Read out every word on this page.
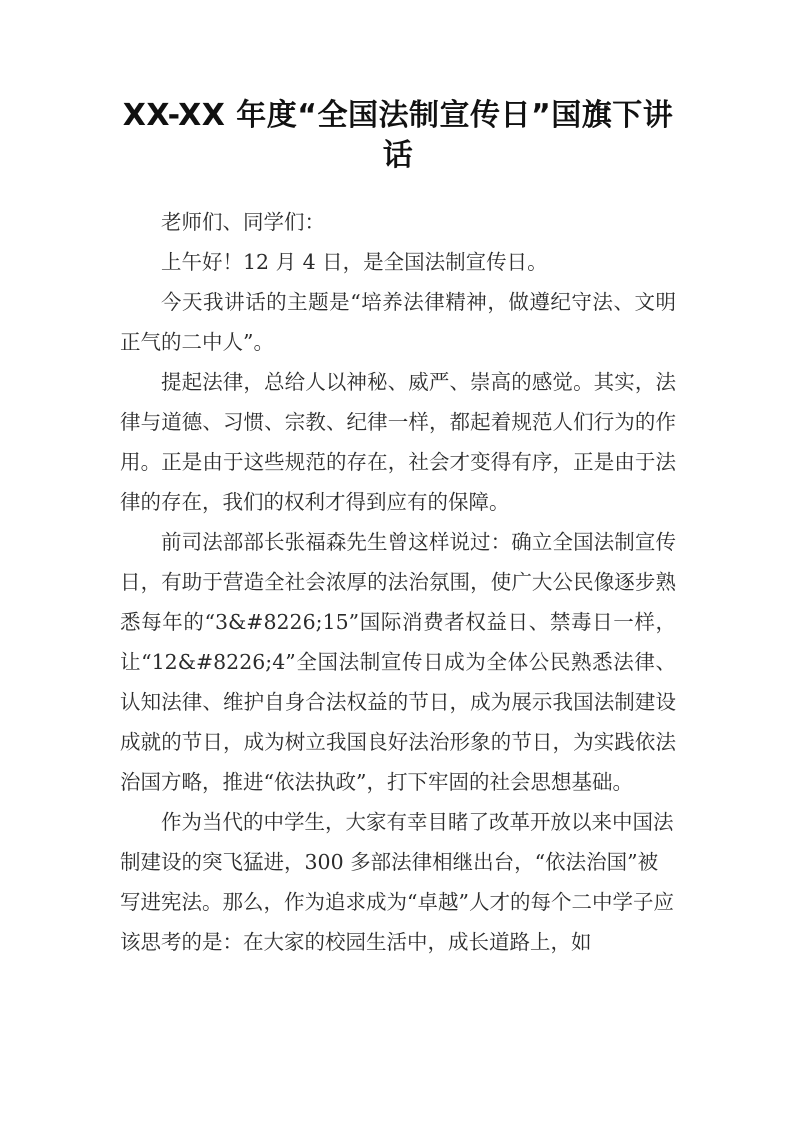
XX-XX 年度“全国法制宣传日”国旗下讲话

老师们、同学们：

上午好！12 月 4 日，是全国法制宣传日。

今天我讲话的主题是“培养法律精神，做遵纪守法、文明正气的二中人”。

提起法律，总给人以神秘、威严、崇高的感觉。其实，法律与道德、习惯、宗教、纪律一样，都起着规范人们行为的作用。正是由于这些规范的存在，社会才变得有序，正是由于法律的存在，我们的权利才得到应有的保障。

前司法部部长张福森先生曾这样说过：确立全国法制宣传日，有助于营造全社会浓厚的法治氛围，使广大公民像逐步熟悉每年的“3&#8226;15”国际消费者权益日、禁毒日一样，让“12&#8226;4”全国法制宣传日成为全体公民熟悉法律、认知法律、维护自身合法权益的节日，成为展示我国法制建设成就的节日，成为树立我国良好法治形象的节日，为实践依法治国方略，推进“依法执政”，打下牢固的社会思想基础。

作为当代的中学生，大家有幸目睹了改革开放以来中国法制建设的突飞猛进，300 多部法律相继出台，“依法治国”被写进宪法。那么，作为追求成为“卓越”人才的每个二中学子应该思考的是：在大家的校园生活中，成长道路上，如
